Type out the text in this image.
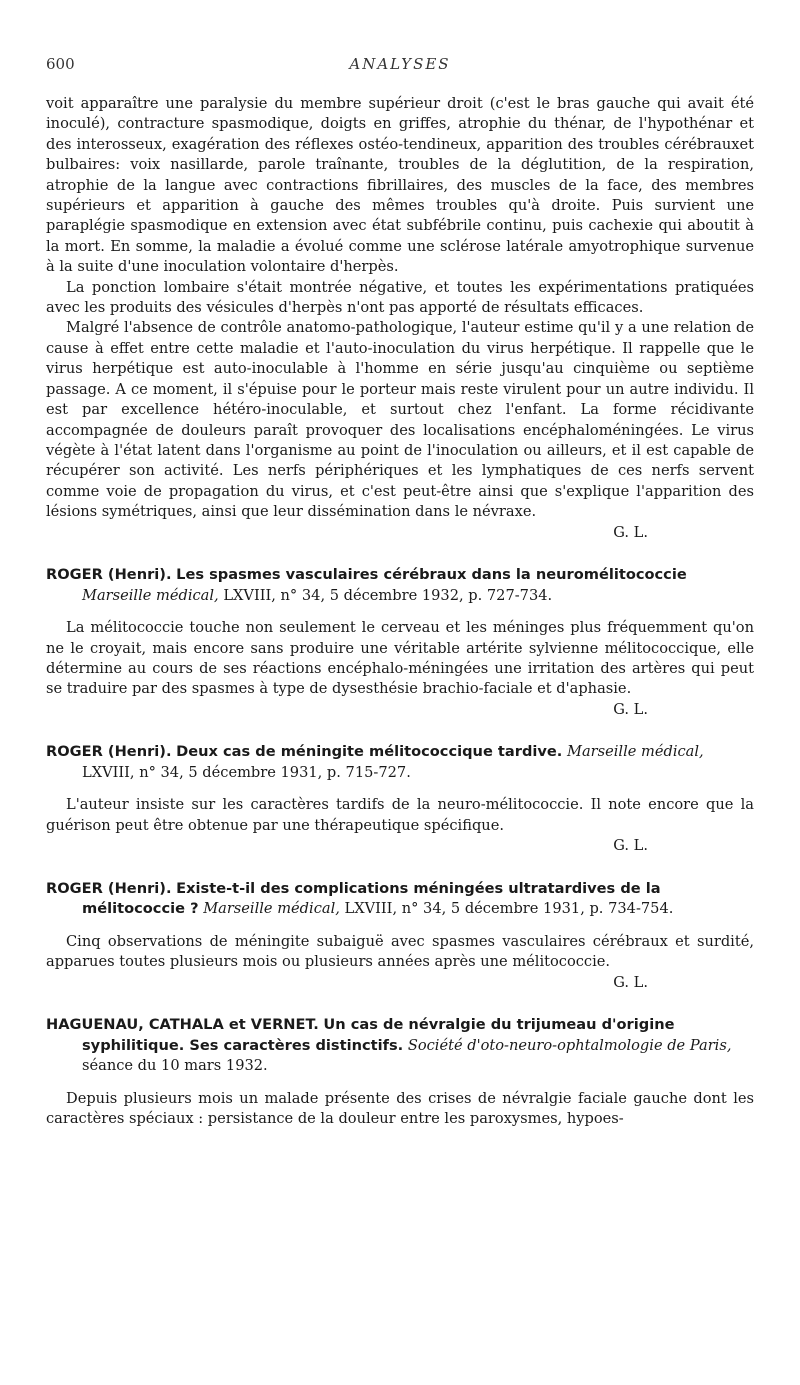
600	ANALYSES

voit apparaître une paralysie du membre supérieur droit (c'est le bras gauche qui avait été inoculé), contracture spasmodique, doigts en griffes, atrophie du thénar, de l'hypothénar et des interosseux, exagération des réflexes ostéo-tendineux, apparition des troubles cérébrauxet bulbaires: voix nasillarde, parole traînante, troubles de la déglutition, de la respiration, atrophie de la langue avec contractions fibrillaires, des muscles de la face, des membres supérieurs et apparition à gauche des mêmes troubles qu'à droite. Puis survient une paraplégie spasmodique en extension avec état subfébrile continu, puis cachexie qui aboutit à la mort. En somme, la maladie a évolué comme une sclérose latérale amyotrophique survenue à la suite d'une inoculation volontaire d'herpès.

La ponction lombaire s'était montrée négative, et toutes les expérimentations pratiquées avec les produits des vésicules d'herpès n'ont pas apporté de résultats efficaces.

Malgré l'absence de contrôle anatomo-pathologique, l'auteur estime qu'il y a une relation de cause à effet entre cette maladie et l'auto-inoculation du virus herpétique. Il rappelle que le virus herpétique est auto-inoculable à l'homme en série jusqu'au cinquième ou septième passage. A ce moment, il s'épuise pour le porteur mais reste virulent pour un autre individu. Il est par excellence hétéro-inoculable, et surtout chez l'enfant. La forme récidivante accompagnée de douleurs paraît provoquer des localisations encéphaloméningées. Le virus végète à l'état latent dans l'organisme au point de l'inoculation ou ailleurs, et il est capable de récupérer son activité. Les nerfs périphériques et les lymphatiques de ces nerfs servent comme voie de propagation du virus, et c'est peut-être ainsi que s'explique l'apparition des lésions symétriques, ainsi que leur dissémination dans le névraxe.

G. L.
ROGER (Henri). Les spasmes vasculaires cérébraux dans la neuromélitococcie Marseille médical, LXVIII, n° 34, 5 décembre 1932, p. 727-734.

La mélitococcie touche non seulement le cerveau et les méninges plus fréquemment qu'on ne le croyait, mais encore sans produire une véritable artérite sylvienne mélitococcique, elle détermine au cours de ses réactions encéphalo-méningées une irritation des artères qui peut se traduire par des spasmes à type de dysesthésie brachio-faciale et d'aphasie.

G. L.
ROGER (Henri). Deux cas de méningite mélitococcique tardive. Marseille médical, LXVIII, n° 34, 5 décembre 1931, p. 715-727.

L'auteur insiste sur les caractères tardifs de la neuro-mélitococcie. Il note encore que la guérison peut être obtenue par une thérapeutique spécifique.

G. L.
ROGER (Henri). Existe-t-il des complications méningées ultratardives de la mélitococcie ? Marseille médical, LXVIII, n° 34, 5 décembre 1931, p. 734-754.

Cinq observations de méningite subaiguë avec spasmes vasculaires cérébraux et surdité, apparues toutes plusieurs mois ou plusieurs années après une mélitococcie.

G. L.
HAGUENAU, CATHALA et VERNET. Un cas de névralgie du trijumeau d'origine syphilitique. Ses caractères distinctifs. Société d'oto-neuro-ophtalmologie de Paris, séance du 10 mars 1932.

Depuis plusieurs mois un malade présente des crises de névralgie faciale gauche dont les caractères spéciaux : persistance de la douleur entre les paroxysmes, hypoes-
